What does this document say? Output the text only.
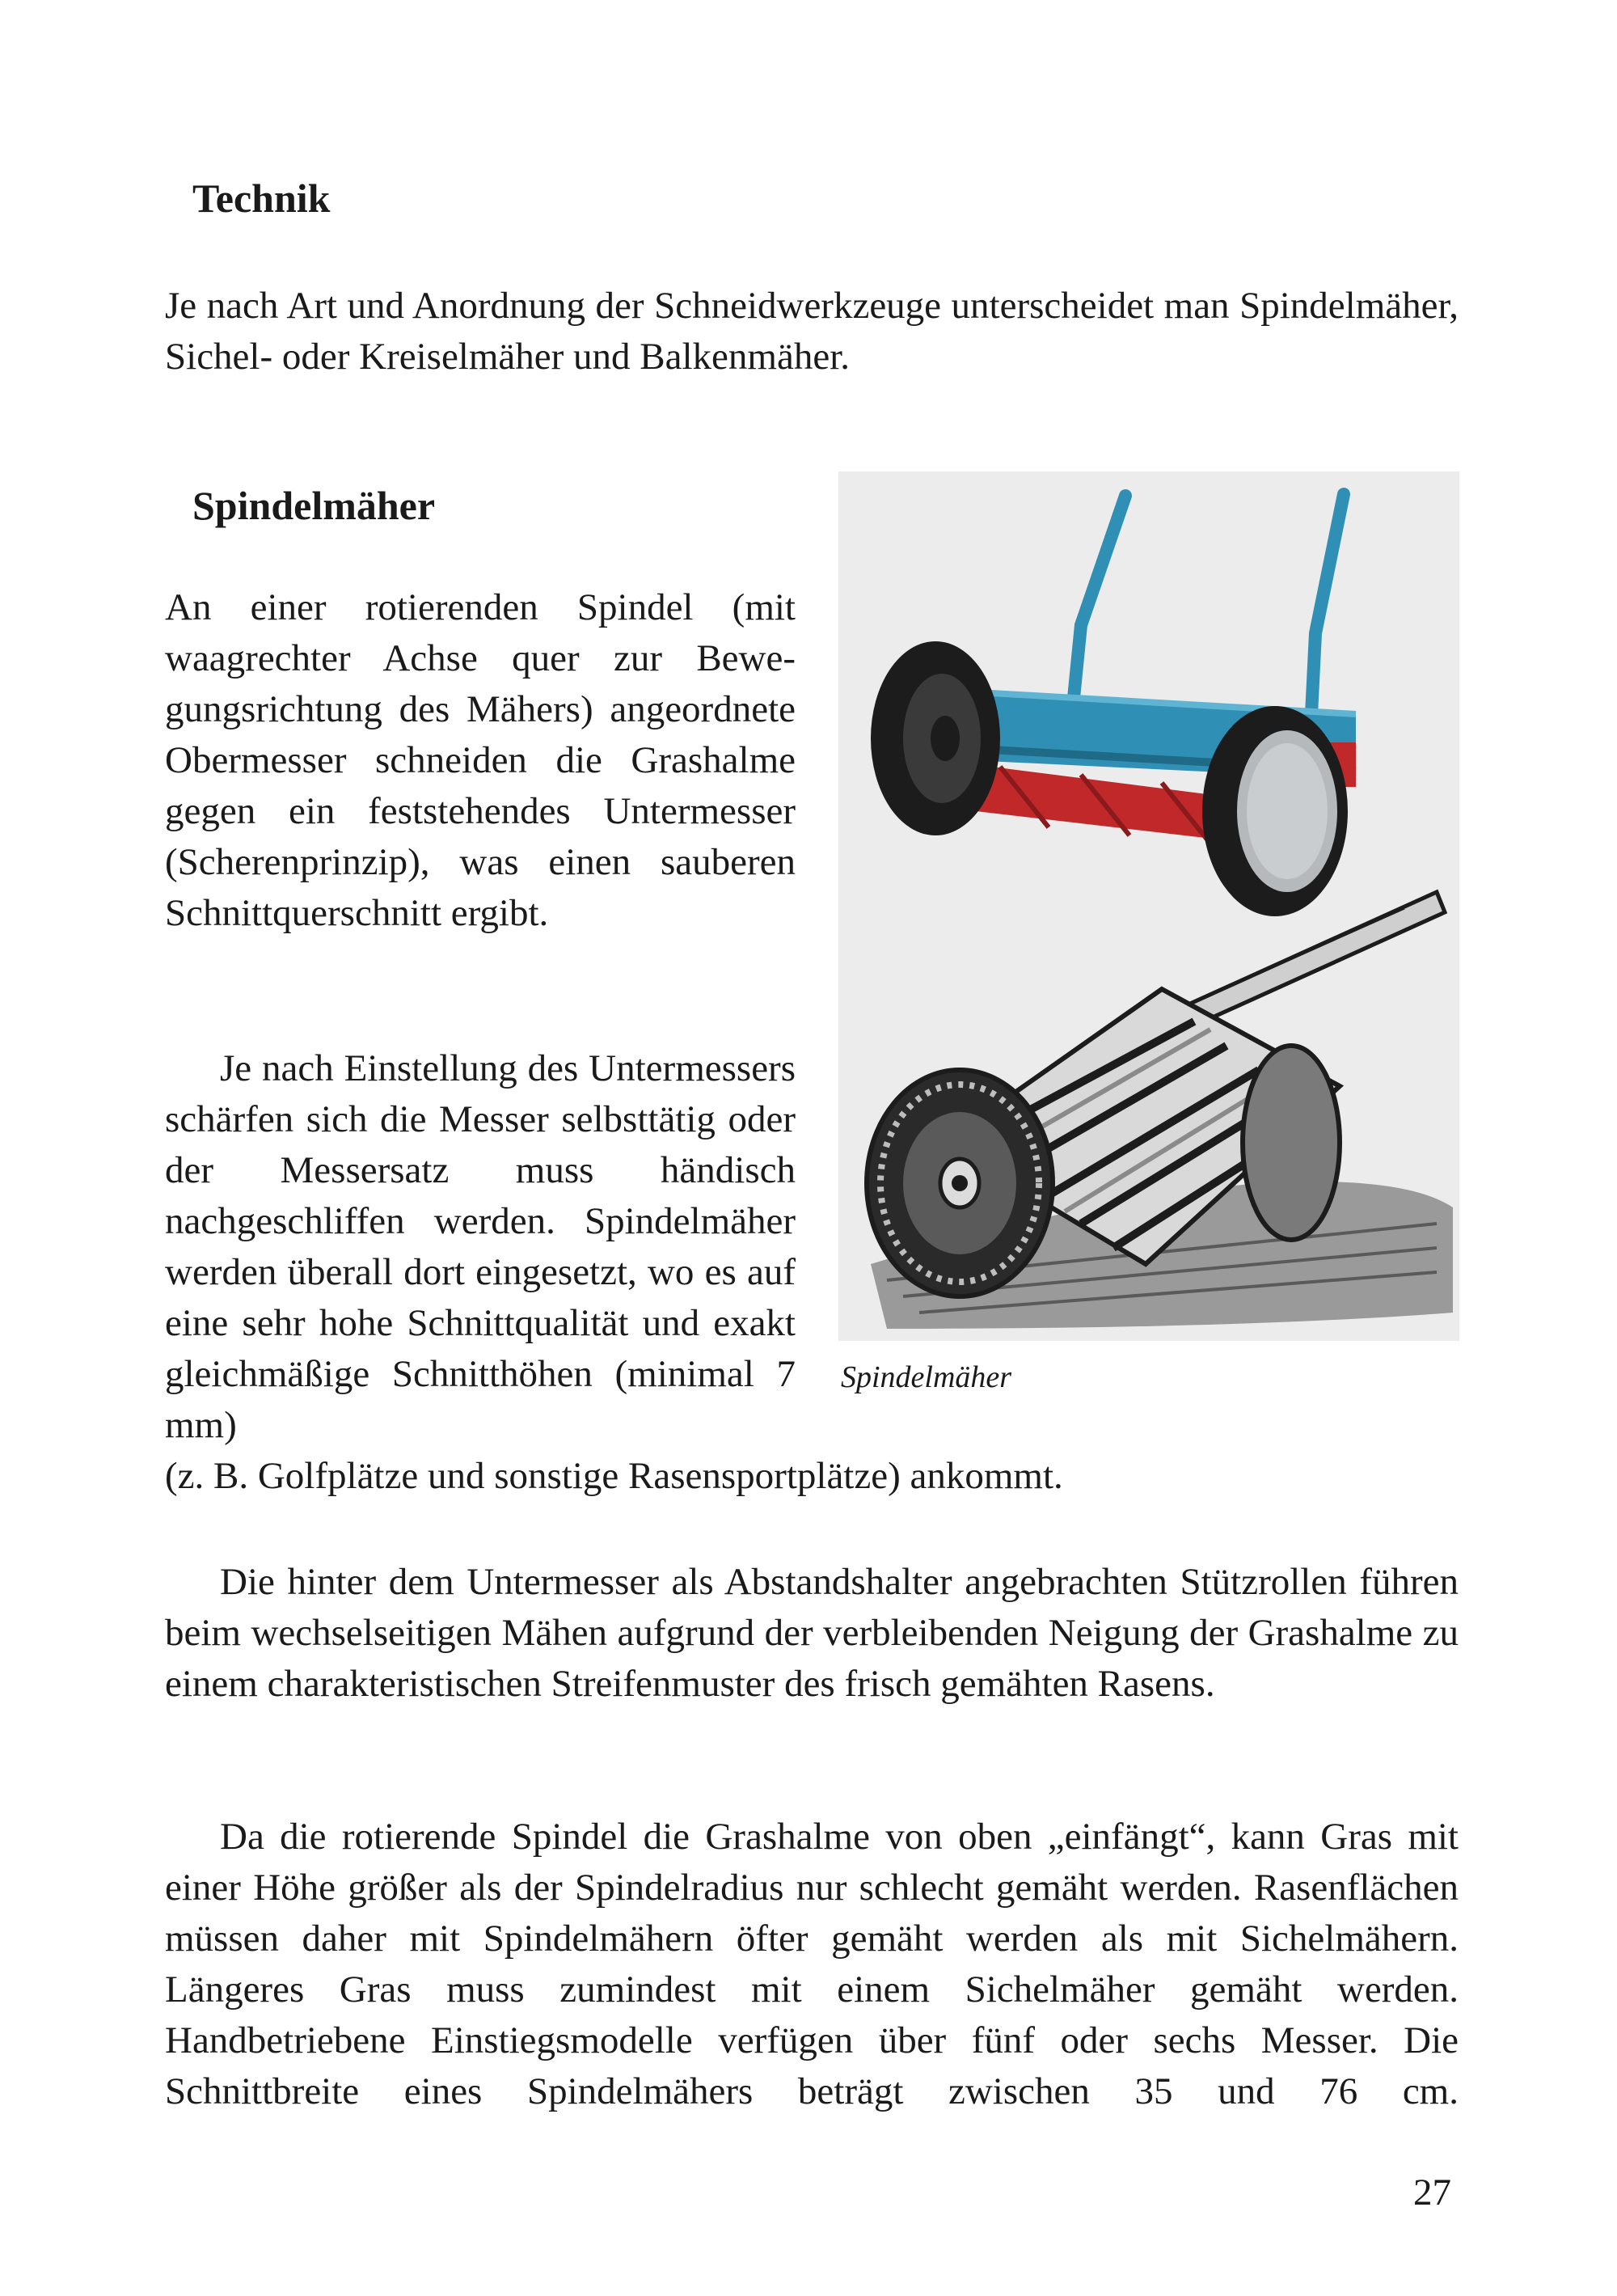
Technik

Je nach Art und Anordnung der Schneidwerkzeuge unterscheidet man Spindelmäher, Sichel- oder Kreiselmäher und Balkenmäher.

Spindelmäher

An einer rotierenden Spindel (mit waagrechter Achse quer zur Bewegungsrichtung des Mähers) angeordnete Obermesser schneiden die Grashalme gegen ein feststehendes Untermesser (Scherenprinzip), was einen sauberen Schnittquerschnitt ergibt.

Je nach Einstellung des Untermessers schärfen sich die Messer selbsttätig oder der Messersatz muss händisch nachgeschliffen werden. Spindelmäher werden überall dort eingesetzt, wo es auf eine sehr hohe Schnittqualität und exakt gleichmäßige Schnitthöhen (minimal 7 mm)

(z. B. Golfplätze und sonstige Rasensportplätze) ankommt.

Spindelmäher

Die hinter dem Untermesser als Abstandshalter angebrachten Stützrollen führen beim wechselseitigen Mähen aufgrund der verbleibenden Neigung der Grashalme zu einem charakteristischen Streifenmuster des frisch gemähten Rasens.

Da die rotierende Spindel die Grashalme von oben „einfängt“, kann Gras mit einer Höhe größer als der Spindelradius nur schlecht gemäht werden. Rasenflächen müssen daher mit Spindelmähern öfter gemäht werden als mit Sichelmähern. Längeres Gras muss zumindest mit einem Sichelmäher gemäht werden. Handbetriebene Einstiegsmodelle verfügen über fünf oder sechs Messer. Die Schnittbreite eines Spindelmähers beträgt zwischen 35 und 76 cm.

27
